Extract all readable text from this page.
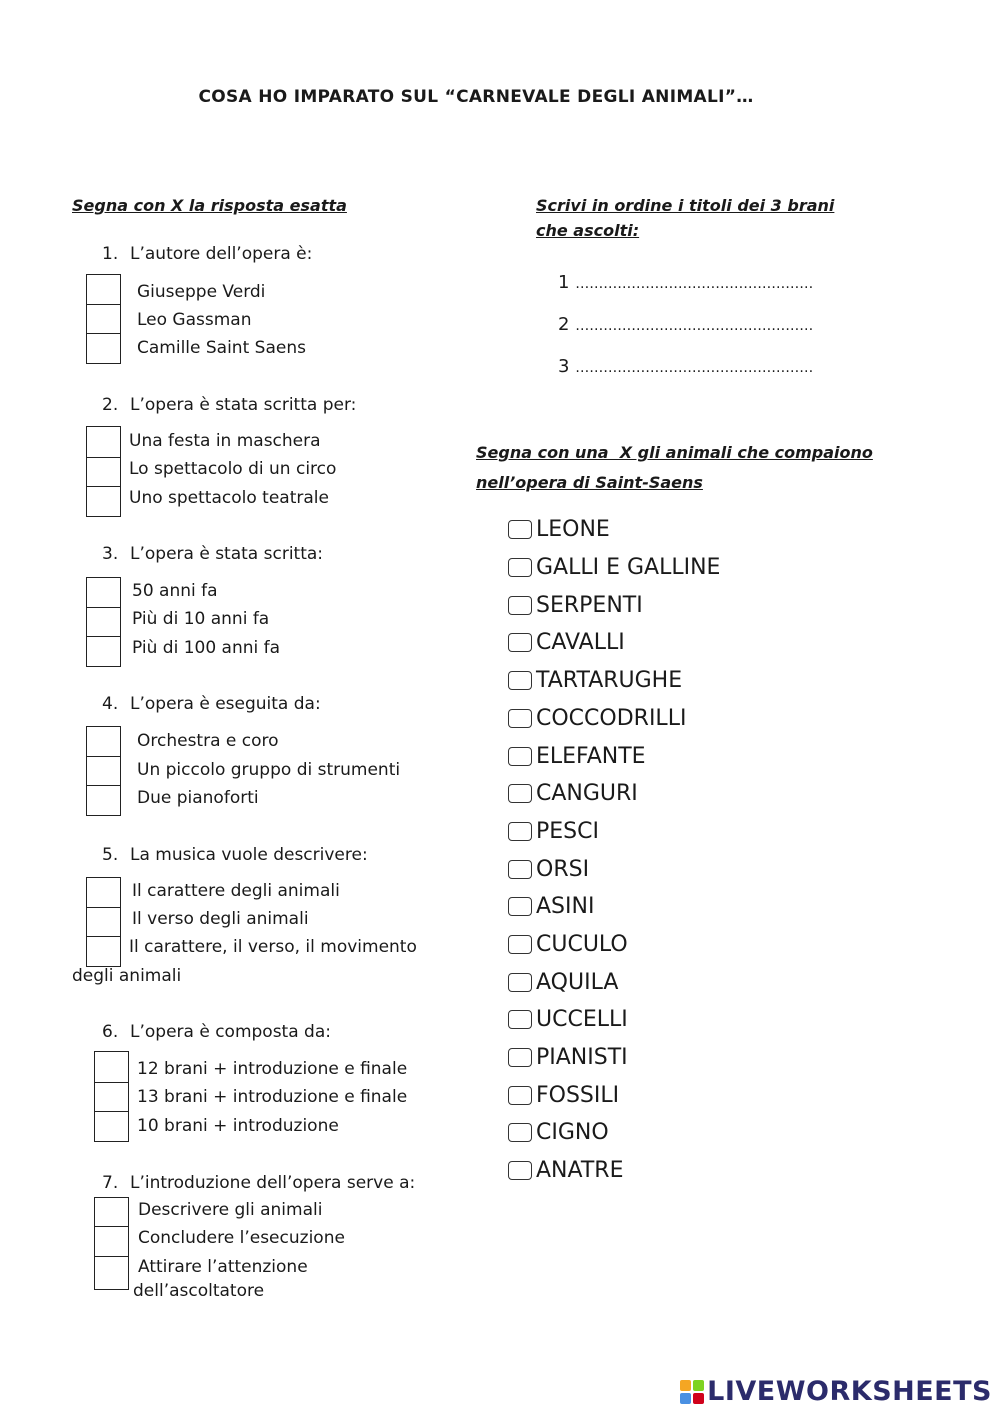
COSA HO IMPARATO SUL “CARNEVALE DEGLI ANIMALI”…
Segna con X la risposta esatta
1. L’autore dell’opera è:
Giuseppe Verdi
Leo Gassman
Camille Saint Saens
2. L’opera è stata scritta per:
Una festa in maschera
Lo spettacolo di un circo
Uno spettacolo teatrale
3. L’opera è stata scritta:
50 anni fa
Più di 10 anni fa
Più di 100 anni fa
4. L’opera è eseguita da:
Orchestra e coro
Un piccolo gruppo di strumenti
Due pianoforti
5. La musica vuole descrivere:
Il carattere degli animali
Il verso degli animali
Il carattere, il verso, il movimento
degli animali
6. L’opera è composta da:
12 brani + introduzione e finale
13 brani + introduzione e finale
10 brani + introduzione
7. L’introduzione dell’opera serve a:
Descrivere gli animali
Concludere l’esecuzione
Attirare l’attenzione
dell’ascoltatore
Scrivi in ordine i titoli dei 3 brani
che ascolti:
1 ……………………………………………
2 ……………………………………………
3 ……………………………………………
Segna con una  X gli animali che compaiono
nell’opera di Saint-Saens
LEONE
GALLI E GALLINE
SERPENTI
CAVALLI
TARTARUGHE
COCCODRILLI
ELEFANTE
CANGURI
PESCI
ORSI
ASINI
CUCULO
AQUILA
UCCELLI
PIANISTI
FOSSILI
CIGNO
ANATRE
LIVEWORKSHEETS
